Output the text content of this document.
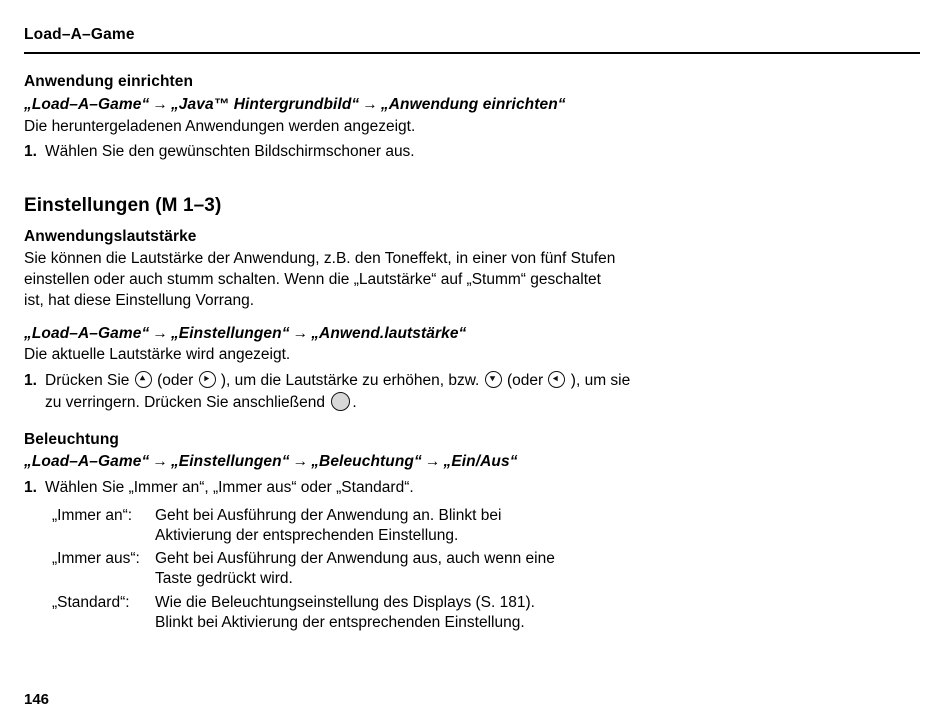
Load–A–Game
Anwendung einrichten
„Load–A–Game“ → „Java™ Hintergrundbild“ → „Anwendung einrichten“

Die heruntergeladenen Anwendungen werden angezeigt.

1. Wählen Sie den gewünschten Bildschirmschoner aus.
Einstellungen (M 1–3)
Anwendungslautstärke

Sie können die Lautstärke der Anwendung, z.B. den Toneffekt, in einer von fünf Stufen einstellen oder auch stumm schalten. Wenn die „Lautstärke“ auf „Stumm“ geschaltet ist, hat diese Einstellung Vorrang.

„Load–A–Game“ → „Einstellungen“ → „Anwend.lautstärke“

Die aktuelle Lautstärke wird angezeigt.

1. Drücken Sie (oder ), um die Lautstärke zu erhöhen, bzw. (oder ), um sie zu verringern. Drücken Sie anschließend .
Beleuchtung
„Load–A–Game“ → „Einstellungen“ → „Beleuchtung“ → „Ein/Aus“
1. Wählen Sie „Immer an“, „Immer aus“ oder „Standard“.
„Immer an“:	Geht bei Ausführung der Anwendung an. Blinkt bei Aktivierung der entsprechenden Einstellung.
„Immer aus“: Geht bei Ausführung der Anwendung aus, auch wenn eine Taste gedrückt wird.
„Standard“:	Wie die Beleuchtungseinstellung des Displays (S. 181). Blinkt bei Aktivierung der entsprechenden Einstellung.
146
